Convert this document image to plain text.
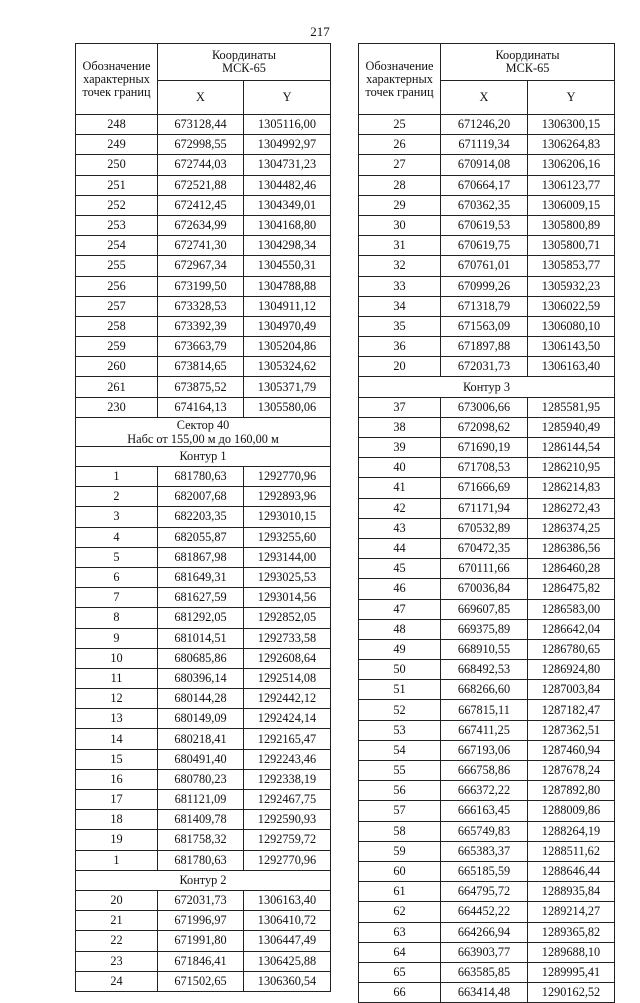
217
Обозначение характерных точек границ	Координаты
МСК-65	
	X	Y
248	673128,44	1305116,00
249	672998,55	1304992,97
250	672744,03	1304731,23
251	672521,88	1304482,46
252	672412,45	1304349,01
253	672634,99	1304168,80
254	672741,30	1304298,34
255	672967,34	1304550,31
256	673199,50	1304788,88
257	673328,53	1304911,12
258	673392,39	1304970,49
259	673663,79	1305204,86
260	673814,65	1305324,62
261	673875,52	1305371,79
230	674164,13	1305580,06
Сектор 40
Набс от 155,00 м до 160,00 м		
Контур 1		
1	681780,63	1292770,96
2	682007,68	1292893,96
3	682203,35	1293010,15
4	682055,87	1293255,60
5	681867,98	1293144,00
6	681649,31	1293025,53
7	681627,59	1293014,56
8	681292,05	1292852,05
9	681014,51	1292733,58
10	680685,86	1292608,64
11	680396,14	1292514,08
12	680144,28	1292442,12
13	680149,09	1292424,14
14	680218,41	1292165,47
15	680491,40	1292243,46
16	680780,23	1292338,19
17	681121,09	1292467,75
18	681409,78	1292590,93
19	681758,32	1292759,72
1	681780,63	1292770,96
Контур 2		
20	672031,73	1306163,40
21	671996,97	1306410,72
22	671991,80	1306447,49
23	671846,41	1306425,88
24	671502,65	1306360,54
Обозначение характерных точек границ	Координаты
МСК-65	
	X	Y
25	671246,20	1306300,15
26	671119,34	1306264,83
27	670914,08	1306206,16
28	670664,17	1306123,77
29	670362,35	1306009,15
30	670619,53	1305800,89
31	670619,75	1305800,71
32	670761,01	1305853,77
33	670999,26	1305932,23
34	671318,79	1306022,59
35	671563,09	1306080,10
36	671897,88	1306143,50
20	672031,73	1306163,40
Контур 3		
37	673006,66	1285581,95
38	672098,62	1285940,49
39	671690,19	1286144,54
40	671708,53	1286210,95
41	671666,69	1286214,83
42	671171,94	1286272,43
43	670532,89	1286374,25
44	670472,35	1286386,56
45	670111,66	1286460,28
46	670036,84	1286475,82
47	669607,85	1286583,00
48	669375,89	1286642,04
49	668910,55	1286780,65
50	668492,53	1286924,80
51	668266,60	1287003,84
52	667815,11	1287182,47
53	667411,25	1287362,51
54	667193,06	1287460,94
55	666758,86	1287678,24
56	666372,22	1287892,80
57	666163,45	1288009,86
58	665749,83	1288264,19
59	665383,37	1288511,62
60	665185,59	1288646,44
61	664795,72	1288935,84
62	664452,22	1289214,27
63	664266,94	1289365,82
64	663903,77	1289688,10
65	663585,85	1289995,41
66	663414,48	1290162,52
